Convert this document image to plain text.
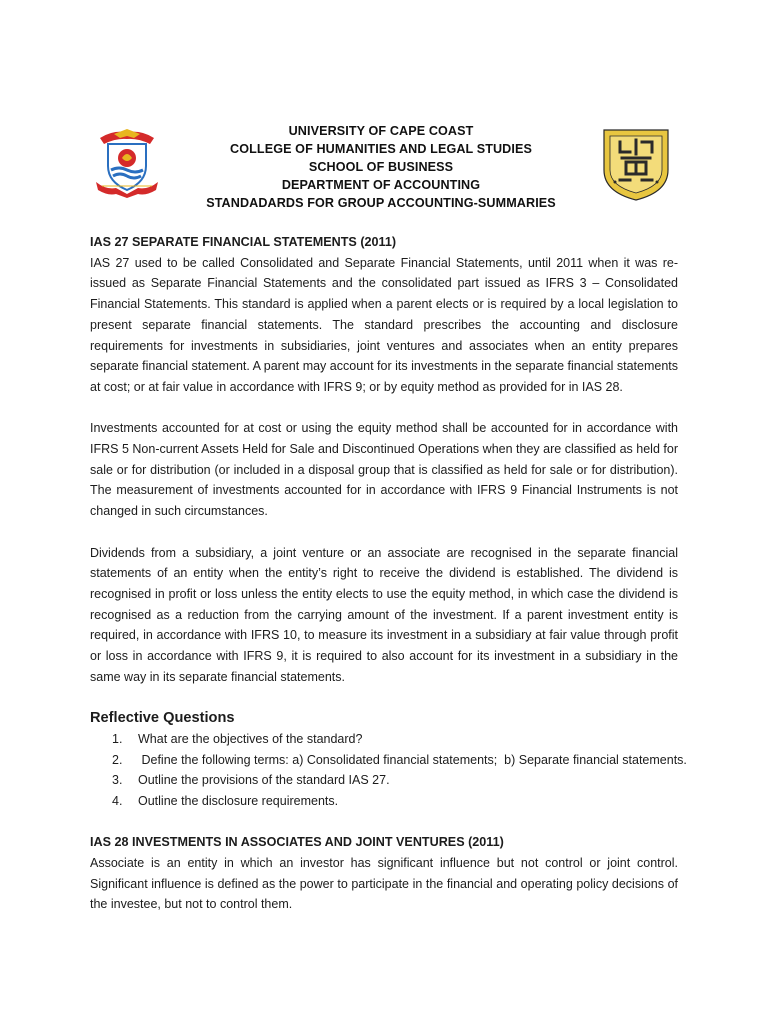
UNIVERSITY OF CAPE COAST
COLLEGE OF HUMANITIES AND LEGAL STUDIES
SCHOOL OF BUSINESS
DEPARTMENT OF ACCOUNTING
STANDADARDS FOR GROUP ACCOUNTING-SUMMARIES
IAS 27 SEPARATE FINANCIAL STATEMENTS (2011)

IAS 27 used to be called Consolidated and Separate Financial Statements, until 2011 when it was re-issued as Separate Financial Statements and the consolidated part issued as IFRS 3 – Consolidated Financial Statements. This standard is applied when a parent elects or is required by a local legislation to present separate financial statements. The standard prescribes the accounting and disclosure requirements for investments in subsidiaries, joint ventures and associates when an entity prepares separate financial statement. A parent may account for its investments in the separate financial statements at cost; or at fair value in accordance with IFRS 9; or by equity method as provided for in IAS 28.

Investments accounted for at cost or using the equity method shall be accounted for in accordance with IFRS 5 Non-current Assets Held for Sale and Discontinued Operations when they are classified as held for sale or for distribution (or included in a disposal group that is classified as held for sale or for distribution). The measurement of investments accounted for in accordance with IFRS 9 Financial Instruments is not changed in such circumstances.

Dividends from a subsidiary, a joint venture or an associate are recognised in the separate financial statements of an entity when the entity’s right to receive the dividend is established. The dividend is recognised in profit or loss unless the entity elects to use the equity method, in which case the dividend is recognised as a reduction from the carrying amount of the investment. If a parent investment entity is required, in accordance with IFRS 10, to measure its investment in a subsidiary at fair value through profit or loss in accordance with IFRS 9, it is required to also account for its investment in a subsidiary in the same way in its separate financial statements.

Reflective Questions
1.	What are the objectives of the standard?
2.	Define the following terms: a) Consolidated financial statements;  b) Separate financial statements.
3.	Outline the provisions of the standard IAS 27.
4.	Outline the disclosure requirements.
IAS 28 INVESTMENTS IN ASSOCIATES AND JOINT VENTURES (2011)

Associate is an entity in which an investor has significant influence but not control or joint control. Significant influence is defined as the power to participate in the financial and operating policy decisions of the investee, but not to control them.
